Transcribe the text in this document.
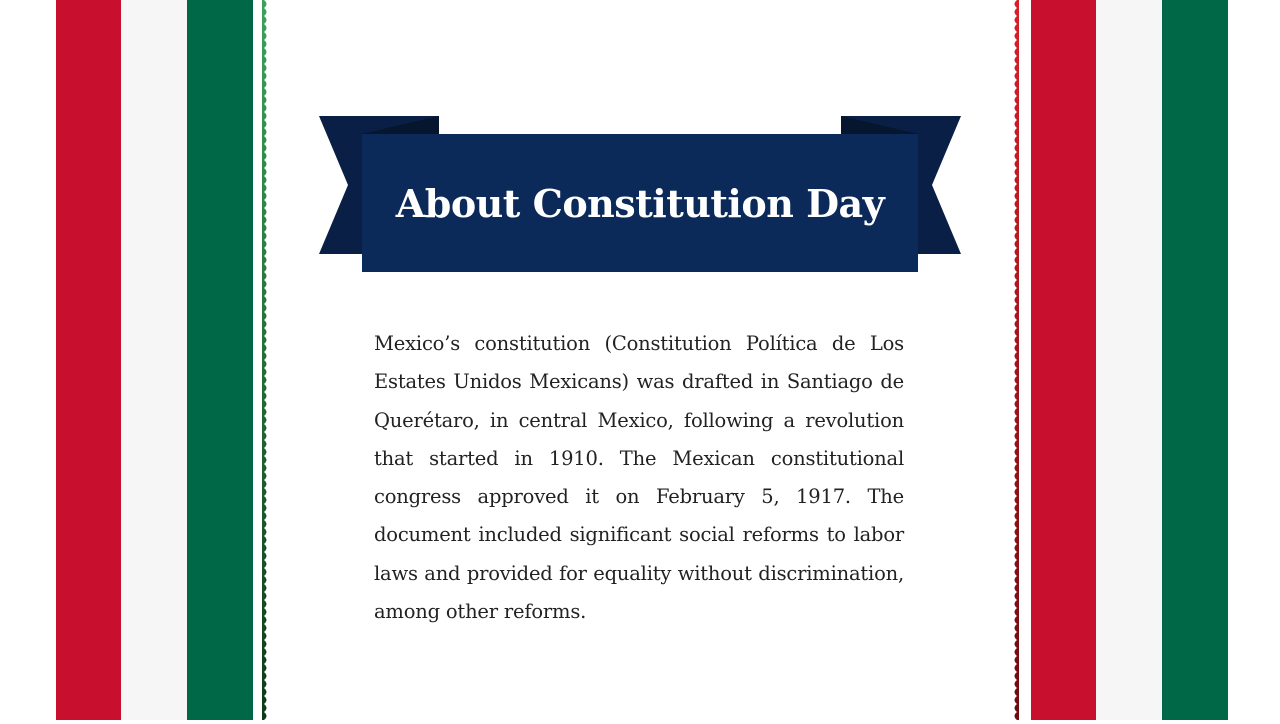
About Constitution Day

Mexico’s constitution (Constitution Política de Los Estates Unidos Mexicans) was drafted in Santiago de Querétaro, in central Mexico, following a revolution that started in 1910. The Mexican constitutional congress approved it on February 5, 1917. The document included significant social reforms to labor laws and provided for equality without discrimination, among other reforms.
